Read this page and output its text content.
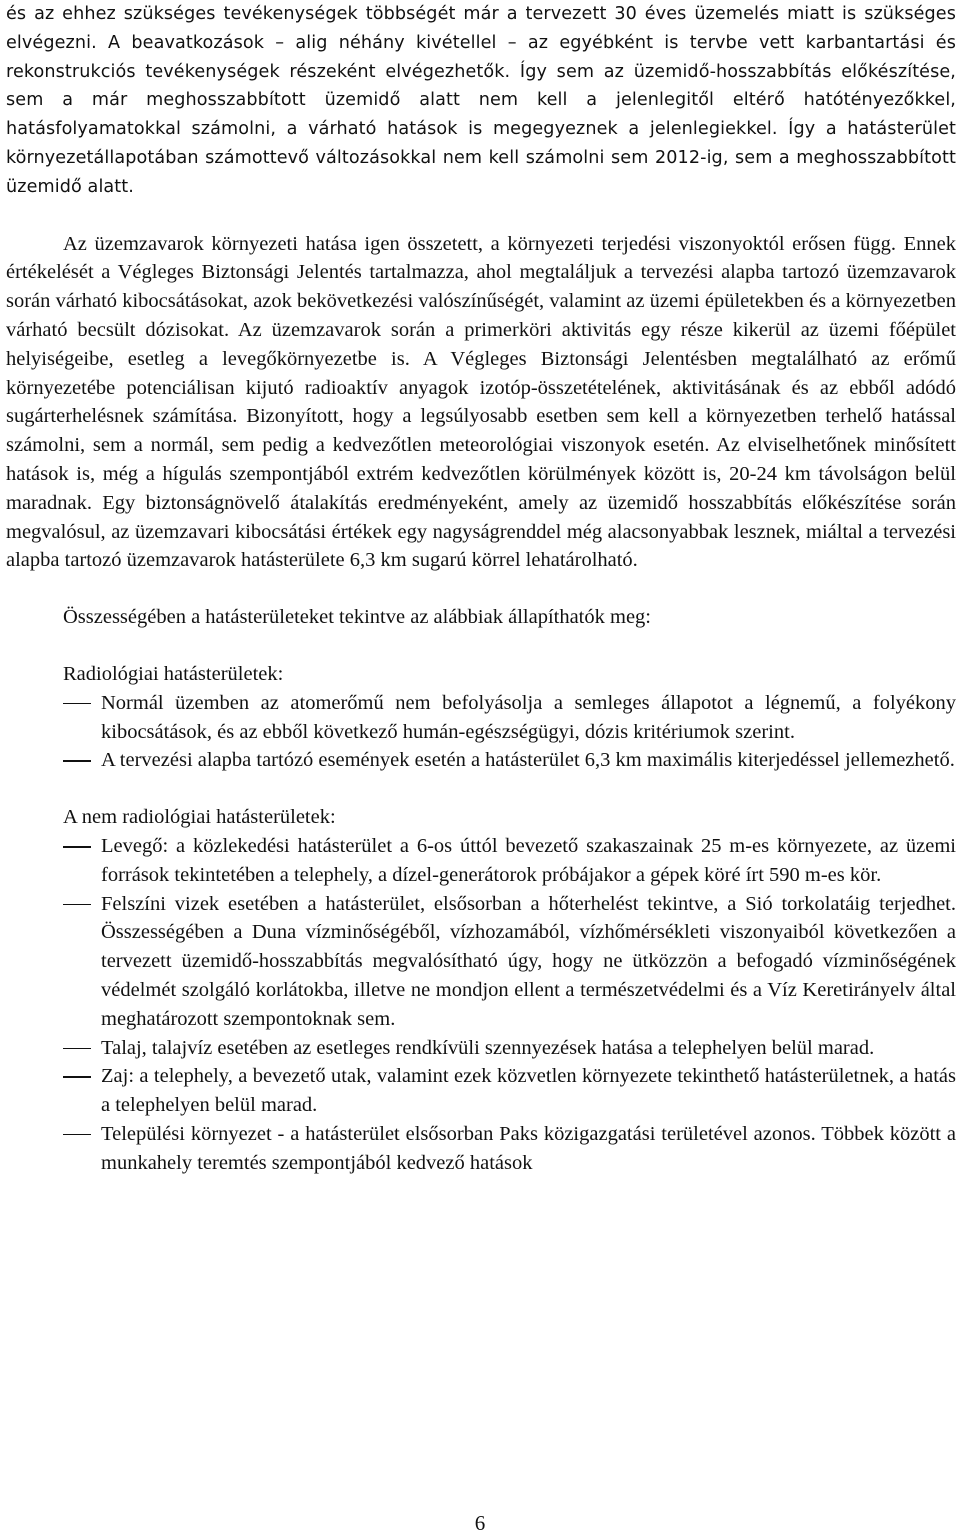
és az ehhez szükséges tevékenységek többségét már a tervezett 30 éves üzemelés miatt is szükséges elvégezni. A beavatkozások – alig néhány kivétellel – az egyébként is tervbe vett karbantartási és rekonstrukciós tevékenységek részeként elvégezhetők. Így sem az üzemidő-hosszabbítás előkészítése, sem a már meghosszabbított üzemidő alatt nem kell a jelenlegitől eltérő hatótényezőkkel, hatásfolyamatokkal számolni, a várható hatások is megegyeznek a jelenlegiekkel. Így a hatásterület környezetállapotában számottevő változásokkal nem kell számolni sem 2012-ig, sem a meghosszabbított üzemidő alatt.

Az üzemzavarok környezeti hatása igen összetett, a környezeti terjedési viszonyoktól erősen függ. Ennek értékelését a Végleges Biztonsági Jelentés tartalmazza, ahol megtaláljuk a tervezési alapba tartozó üzemzavarok során várható kibocsátásokat, azok bekövetkezési valószínűségét, valamint az üzemi épületekben és a környezetben várható becsült dózisokat. Az üzemzavarok során a primerköri aktivitás egy része kikerül az üzemi főépület helyiségeibe, esetleg a levegőkörnyezetbe is. A Végleges Biztonsági Jelentésben megtalálható az erőmű környezetébe potenciálisan kijutó radioaktív anyagok izotóp-összetételének, aktivitásának és az ebből adódó sugárterhelésnek számítása. Bizonyított, hogy a legsúlyosabb esetben sem kell a környezetben terhelő hatással számolni, sem a normál, sem pedig a kedvezőtlen meteorológiai viszonyok esetén. Az elviselhetőnek minősített hatások is, még a hígulás szempontjából extrém kedvezőtlen körülmények között is, 20-24 km távolságon belül maradnak. Egy biztonságnövelő átalakítás eredményeként, amely az üzemidő hosszabbítás előkészítése során megvalósul, az üzemzavari kibocsátási értékek egy nagyságrenddel még alacsonyabbak lesznek, miáltal a tervezési alapba tartozó üzemzavarok hatásterülete 6,3 km sugarú körrel lehatárolható.

Összességében a hatásterületeket tekintve az alábbiak állapíthatók meg:

Radiológiai hatásterületek:

Normál üzemben az atomerőmű nem befolyásolja a semleges állapotot a légnemű, a folyékony kibocsátások, és az ebből következő humán-egészségügyi, dózis kritériumok szerint.
A tervezési alapba tartózó események esetén a hatásterület 6,3 km maximális kiterjedéssel jellemezhető.

A nem radiológiai hatásterületek:

Levegő: a közlekedési hatásterület a 6-os úttól bevezető szakaszainak 25 m-es környezete, az üzemi források tekintetében a telephely, a dízel-generátorok próbájakor a gépek köré írt 590 m-es kör.
Felszíni vizek esetében a hatásterület, elsősorban a hőterhelést tekintve, a Sió torkolatáig terjedhet. Összességében a Duna vízminőségéből, vízhozamából, vízhőmérsékleti viszonyaiból következően a tervezett üzemidő-hosszabbítás megvalósítható úgy, hogy ne ütközzön a befogadó vízminőségének védelmét szolgáló korlátokba, illetve ne mondjon ellent a természetvédelmi és a Víz Keretirányelv által meghatározott szempontoknak sem.
Talaj, talajvíz esetében az esetleges rendkívüli szennyezések hatása a telephelyen belül marad.
Zaj: a telephely, a bevezető utak, valamint ezek közvetlen környezete tekinthető hatásterületnek, a hatás a telephelyen belül marad.
Települési környezet - a hatásterület elsősorban Paks közigazgatási területével azonos. Többek között a munkahely teremtés szempontjából kedvező hatások
6
